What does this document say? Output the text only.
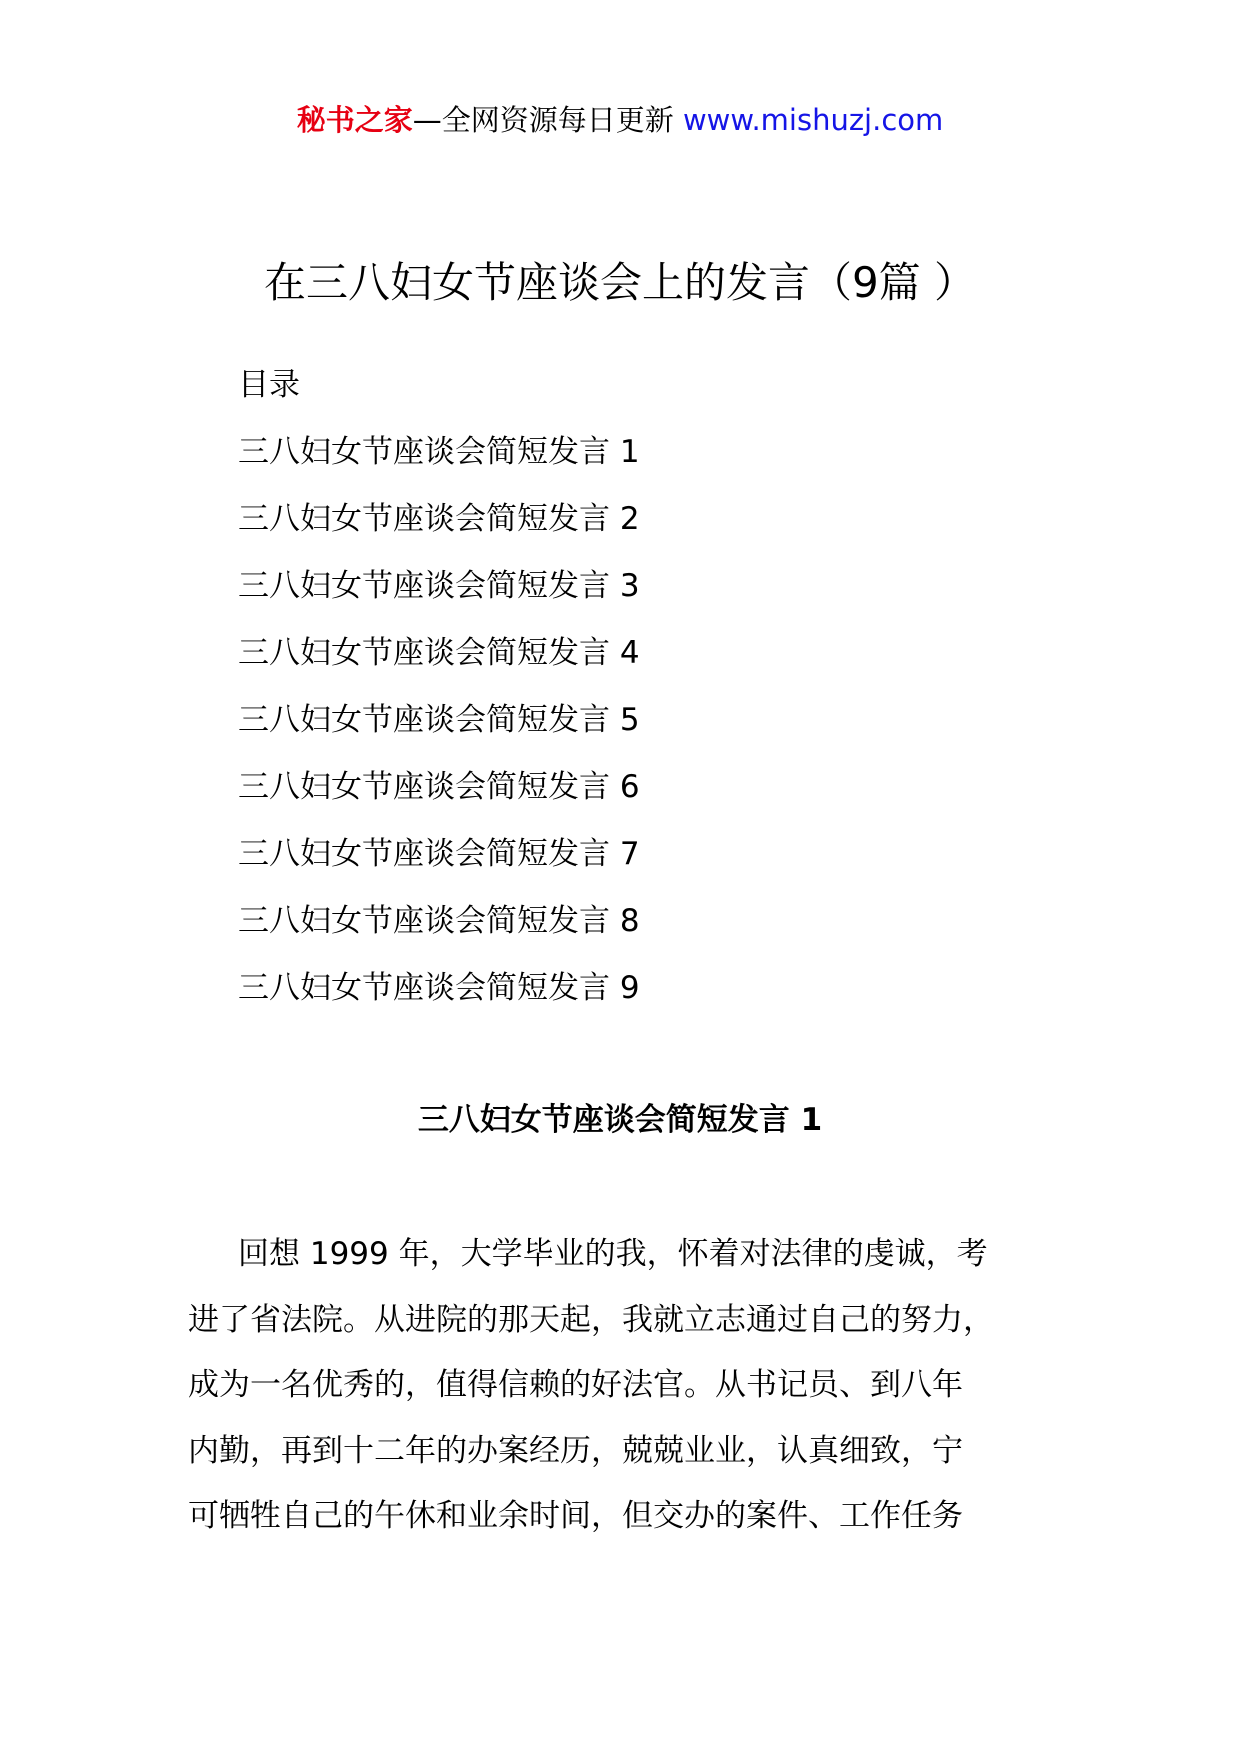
秘书之家—全网资源每日更新 www.mishuzj.com
在三八妇女节座谈会上的发言（9篇 ）
目录
三八妇女节座谈会简短发言 1
三八妇女节座谈会简短发言 2
三八妇女节座谈会简短发言 3
三八妇女节座谈会简短发言 4
三八妇女节座谈会简短发言 5
三八妇女节座谈会简短发言 6
三八妇女节座谈会简短发言 7
三八妇女节座谈会简短发言 8
三八妇女节座谈会简短发言 9
三八妇女节座谈会简短发言 1
回想 1999 年，大学毕业的我，怀着对法律的虔诚，考
进了省法院。从进院的那天起，我就立志通过自己的努力，
成为一名优秀的，值得信赖的好法官。从书记员、到八年
内勤，再到十二年的办案经历，兢兢业业，认真细致，宁
可牺牲自己的午休和业余时间，但交办的案件、工作任务
